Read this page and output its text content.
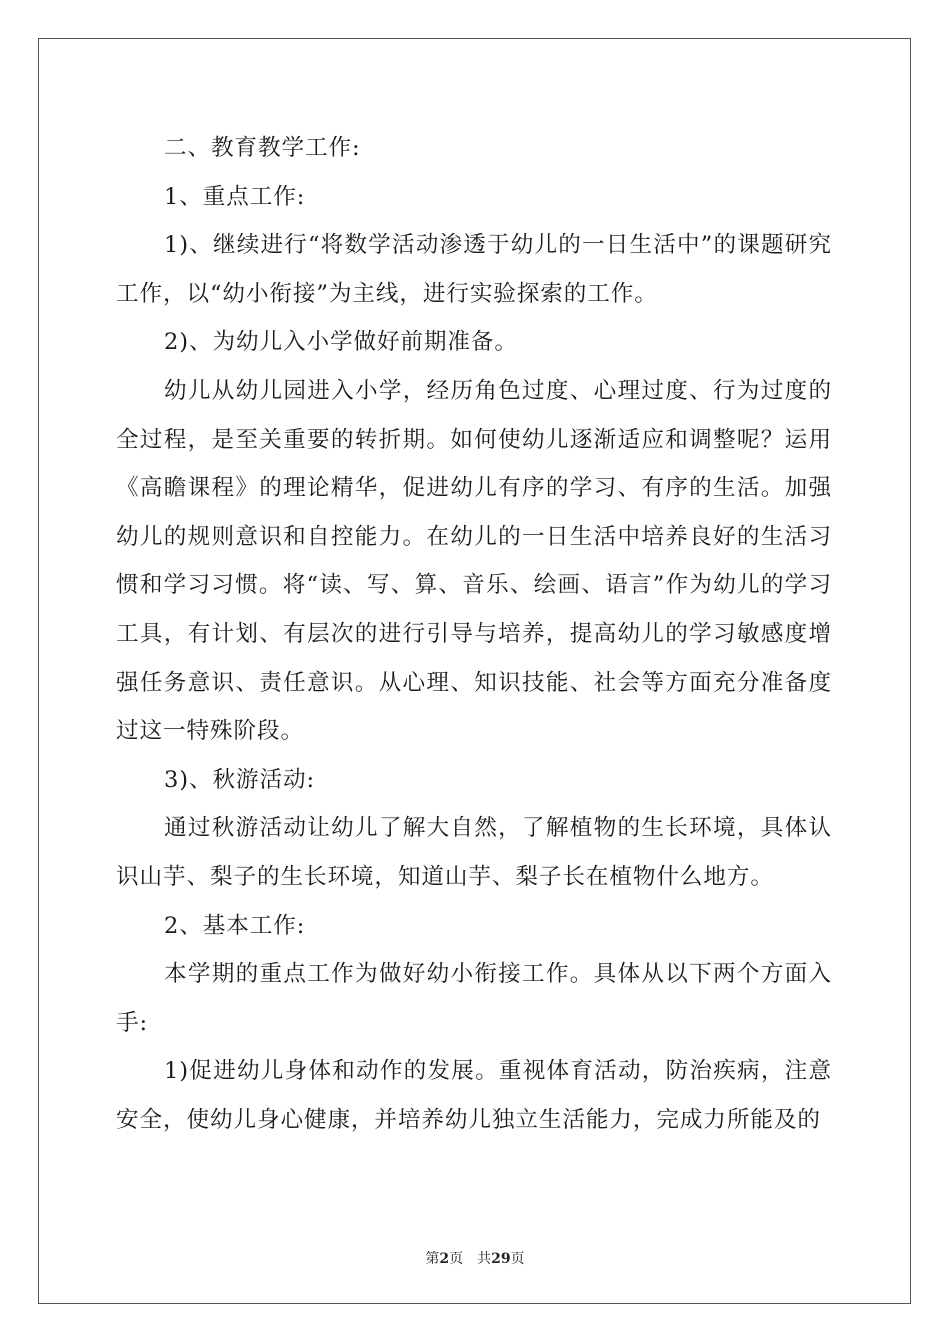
二、教育教学工作:

1、重点工作:

1)、继续进行“将数学活动渗透于幼儿的一日生活中”的课题研究工作，以“幼小衔接”为主线，进行实验探索的工作。

2)、为幼儿入小学做好前期准备。

幼儿从幼儿园进入小学，经历角色过度、心理过度、行为过度的全过程，是至关重要的转折期。如何使幼儿逐渐适应和调整呢？运用《高瞻课程》的理论精华，促进幼儿有序的学习、有序的生活。加强幼儿的规则意识和自控能力。在幼儿的一日生活中培养良好的生活习惯和学习习惯。将“读、写、算、音乐、绘画、语言”作为幼儿的学习工具，有计划、有层次的进行引导与培养，提高幼儿的学习敏感度增强任务意识、责任意识。从心理、知识技能、社会等方面充分准备度过这一特殊阶段。

3)、秋游活动:

通过秋游活动让幼儿了解大自然，了解植物的生长环境，具体认识山芋、梨子的生长环境，知道山芋、梨子长在植物什么地方。

2、基本工作:

本学期的重点工作为做好幼小衔接工作。具体从以下两个方面入手:

1)促进幼儿身体和动作的发展。重视体育活动，防治疾病，注意安全，使幼儿身心健康，并培养幼儿独立生活能力，完成力所能及的

第2页 共29页
